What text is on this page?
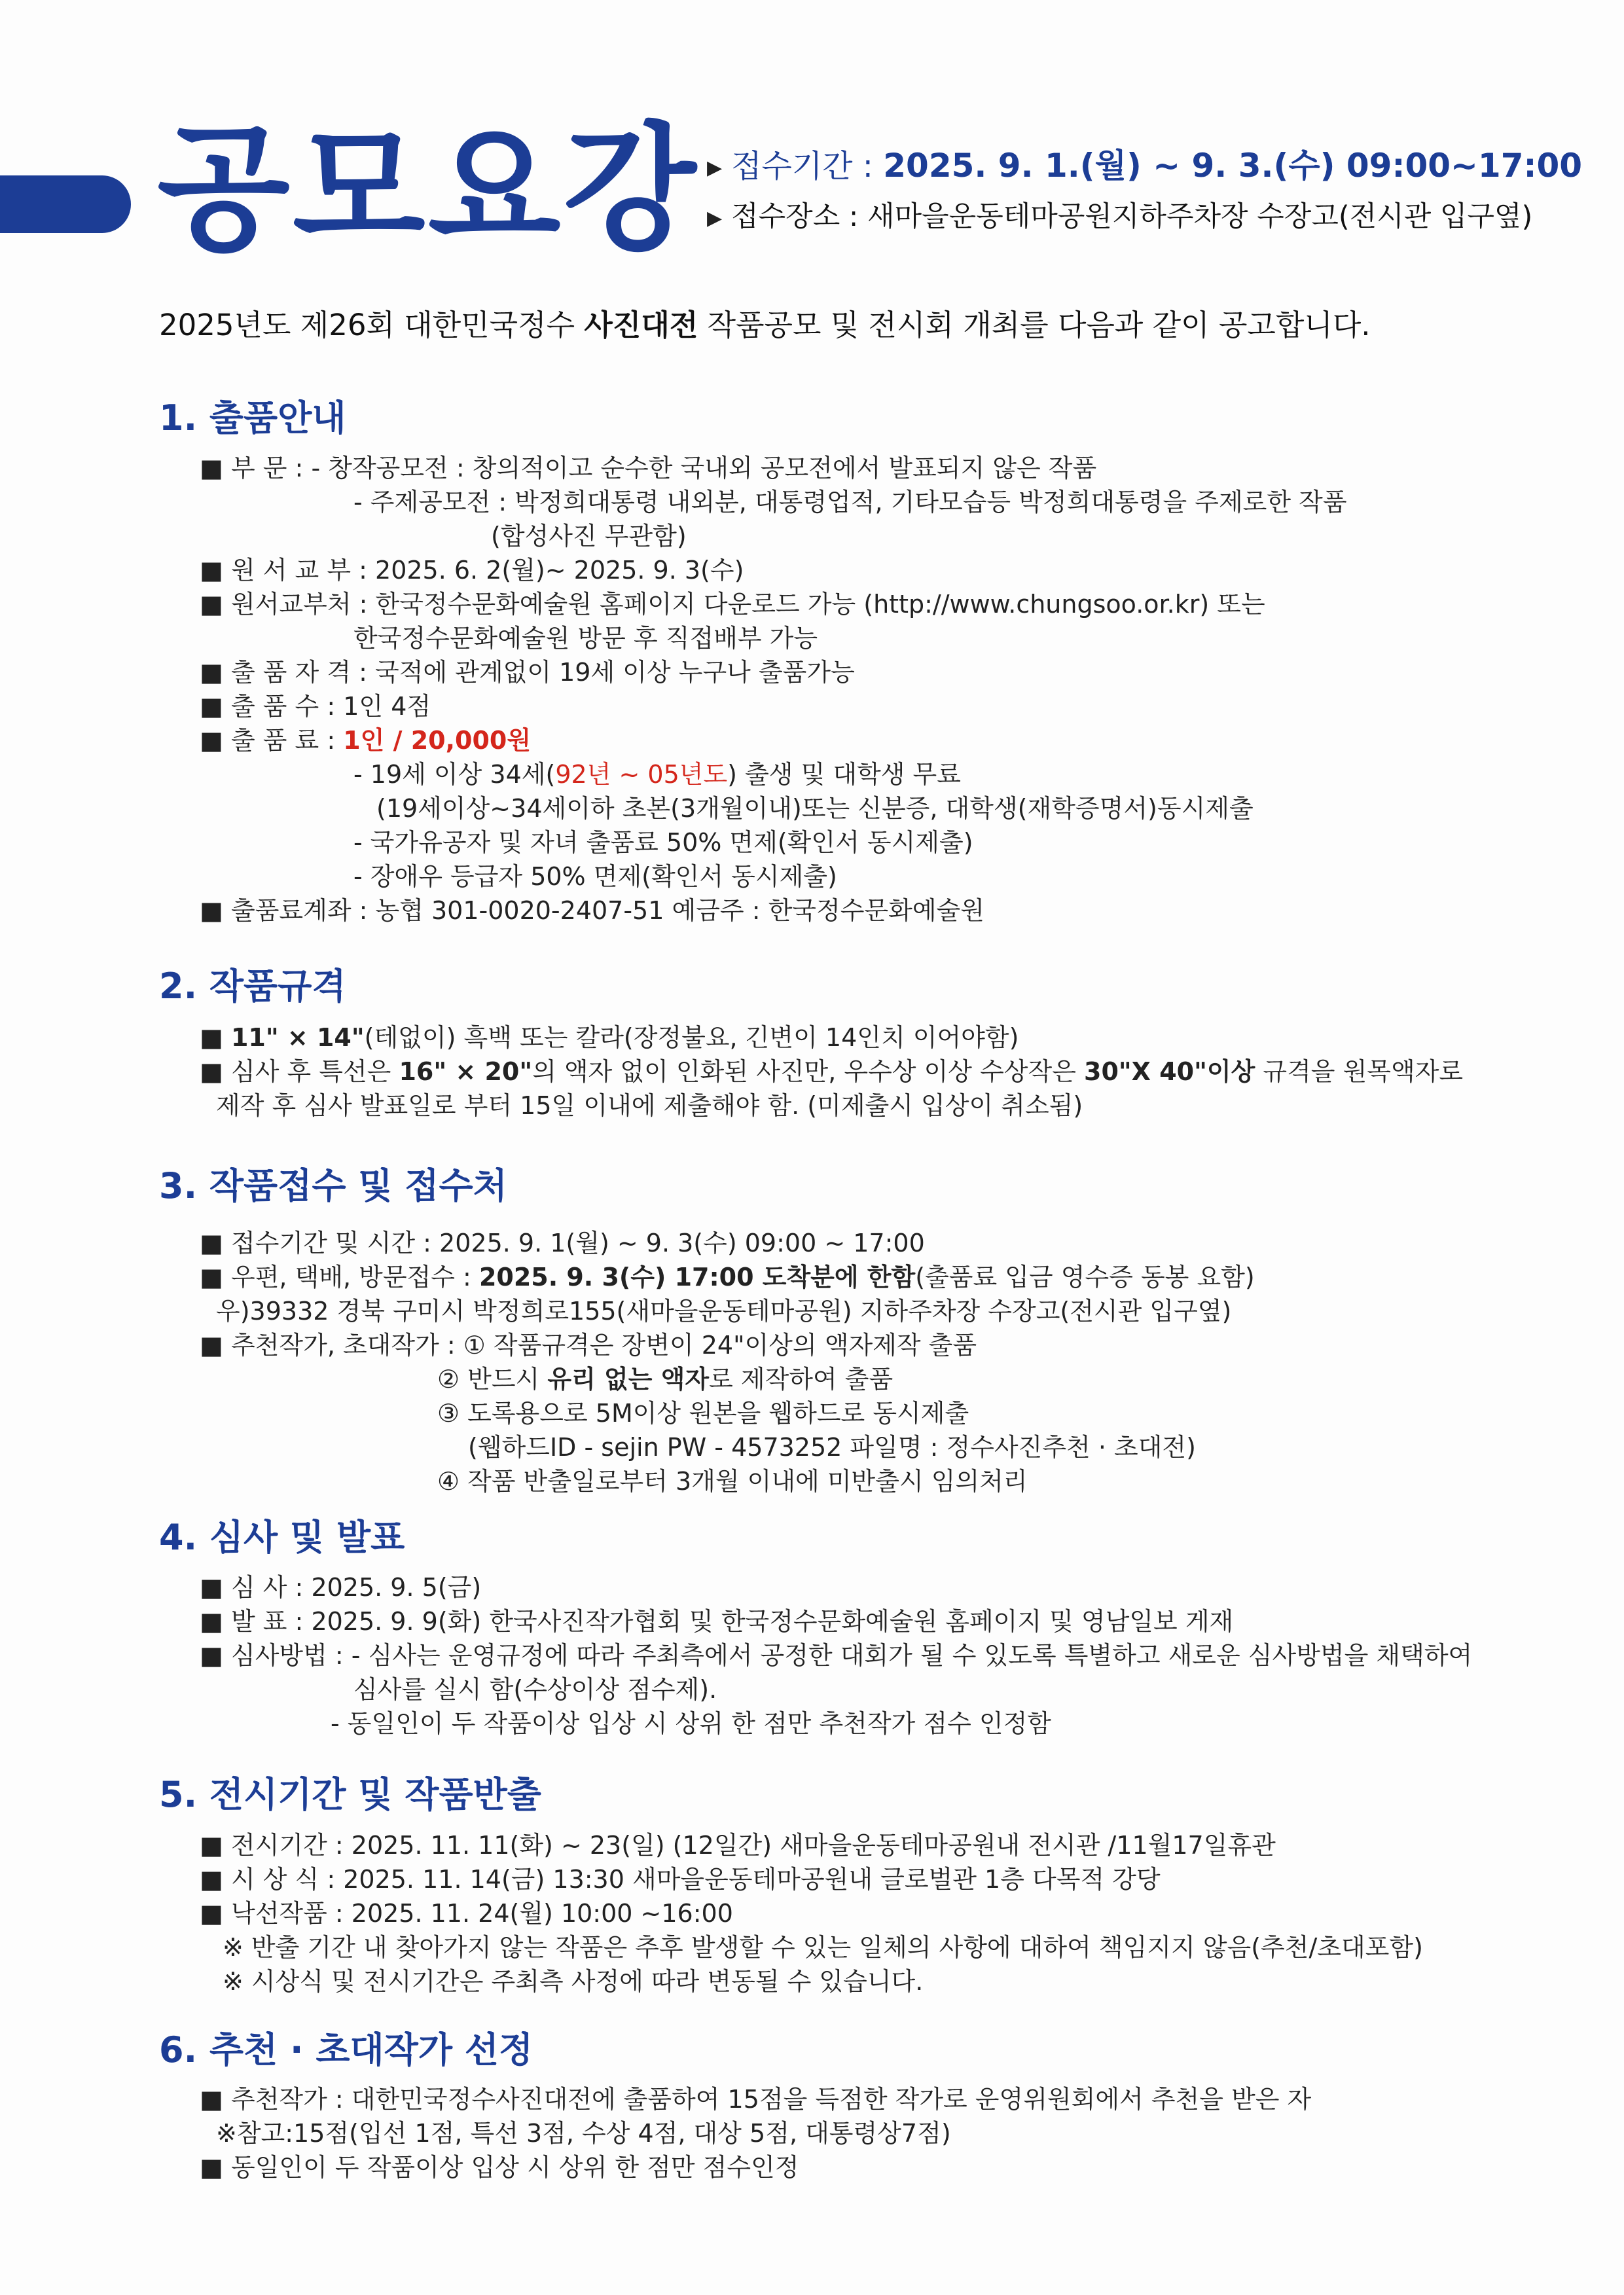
공모요강 ▶ 접수기간 : 2025. 9. 1.(월) ~ 9. 3.(수) 09:00~17:00
▶ 접수장소 : 새마을운동테마공원지하주차장 수장고(전시관 입구옆)
2025년도 제26회 대한민국정수 사진대전 작품공모 및 전시회 개최를 다음과 같이 공고합니다.
1. 출품안내
■ 부 문 : - 창작공모전 : 창의적이고 순수한 국내외 공모전에서 발표되지 않은 작품
- 주제공모전 : 박정희대통령 내외분, 대통령업적, 기타모습등 박정희대통령을 주제로한 작품
(합성사진 무관함)
■ 원 서 교 부 : 2025. 6. 2(월)~ 2025. 9. 3(수)
■ 원서교부처 : 한국정수문화예술원 홈페이지 다운로드 가능 (http://www.chungsoo.or.kr) 또는
한국정수문화예술원 방문 후 직접배부 가능
■ 출 품 자 격 : 국적에 관계없이 19세 이상 누구나 출품가능
■ 출 품 수 : 1인 4점
■ 출 품 료 : 1인 / 20,000원
- 19세 이상 34세(92년 ~ 05년도) 출생 및 대학생 무료
(19세이상~34세이하 초본(3개월이내)또는 신분증, 대학생(재학증명서)동시제출
- 국가유공자 및 자녀 출품료 50% 면제(확인서 동시제출)
- 장애우 등급자 50% 면제(확인서 동시제출)
■ 출품료계좌 : 농협 301-0020-2407-51 예금주 : 한국정수문화예술원
2. 작품규격
■ 11" × 14"(테없이) 흑백 또는 칼라(장정불요, 긴변이 14인치 이어야함)
■ 심사 후 특선은 16" × 20"의 액자 없이 인화된 사진만, 우수상 이상 수상작은 30"X 40"이상 규격을 원목액자로
제작 후 심사 발표일로 부터 15일 이내에 제출해야 함. (미제출시 입상이 취소됨)
3. 작품접수 및 접수처
■ 접수기간 및 시간 : 2025. 9. 1(월) ~ 9. 3(수) 09:00 ~ 17:00
■ 우편, 택배, 방문접수 : 2025. 9. 3(수) 17:00 도착분에 한함(출품료 입금 영수증 동봉 요함)
우)39332 경북 구미시 박정희로155(새마을운동테마공원) 지하주차장 수장고(전시관 입구옆)
■ 추천작가, 초대작가 : ① 작품규격은 장변이 24"이상의 액자제작 출품
② 반드시 유리 없는 액자로 제작하여 출품
③ 도록용으로 5M이상 원본을 웹하드로 동시제출
(웹하드ID - sejin PW - 4573252 파일명 : 정수사진추천 · 초대전)
④ 작품 반출일로부터 3개월 이내에 미반출시 임의처리
4. 심사 및 발표
■ 심 사 : 2025. 9. 5(금)
■ 발 표 : 2025. 9. 9(화) 한국사진작가협회 및 한국정수문화예술원 홈페이지 및 영남일보 게재
■ 심사방법 : - 심사는 운영규정에 따라 주최측에서 공정한 대회가 될 수 있도록 특별하고 새로운 심사방법을 채택하여
심사를 실시 함(수상이상 점수제).
- 동일인이 두 작품이상 입상 시 상위 한 점만 추천작가 점수 인정함
5. 전시기간 및 작품반출
■ 전시기간 : 2025. 11. 11(화) ~ 23(일) (12일간) 새마을운동테마공원내 전시관 /11월17일휴관
■ 시 상 식 : 2025. 11. 14(금) 13:30 새마을운동테마공원내 글로벌관 1층 다목적 강당
■ 낙선작품 : 2025. 11. 24(월) 10:00 ~16:00
※ 반출 기간 내 찾아가지 않는 작품은 추후 발생할 수 있는 일체의 사항에 대하여 책임지지 않음(추천/초대포함)
※ 시상식 및 전시기간은 주최측 사정에 따라 변동될 수 있습니다.
6. 추천 · 초대작가 선정
■ 추천작가 : 대한민국정수사진대전에 출품하여 15점을 득점한 작가로 운영위원회에서 추천을 받은 자
※참고:15점(입선 1점, 특선 3점, 수상 4점, 대상 5점, 대통령상7점)
■ 동일인이 두 작품이상 입상 시 상위 한 점만 점수인정
